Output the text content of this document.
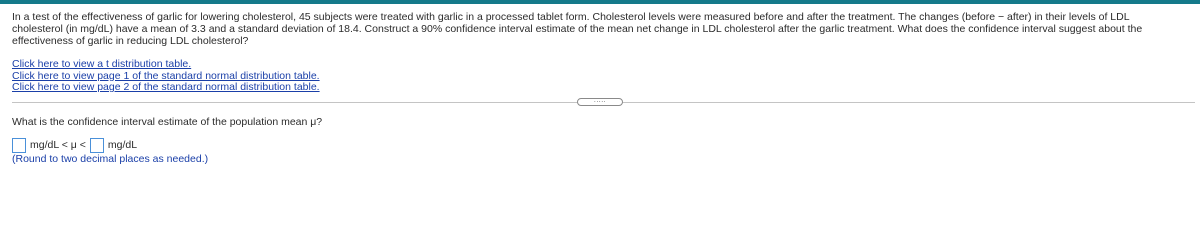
In a test of the effectiveness of garlic for lowering cholesterol, 45 subjects were treated with garlic in a processed tablet form. Cholesterol levels were measured before and after the treatment. The changes (before − after) in their levels of LDL cholesterol (in mg/dL) have a mean of 3.3 and a standard deviation of 18.4. Construct a 90% confidence interval estimate of the mean net change in LDL cholesterol after the garlic treatment. What does the confidence interval suggest about the effectiveness of garlic in reducing LDL cholesterol?

Click here to view a t distribution table.
Click here to view page 1 of the standard normal distribution table.
Click here to view page 2 of the standard normal distribution table.
.....
What is the confidence interval estimate of the population mean μ?
mg/dL < μ < mg/dL
(Round to two decimal places as needed.)
